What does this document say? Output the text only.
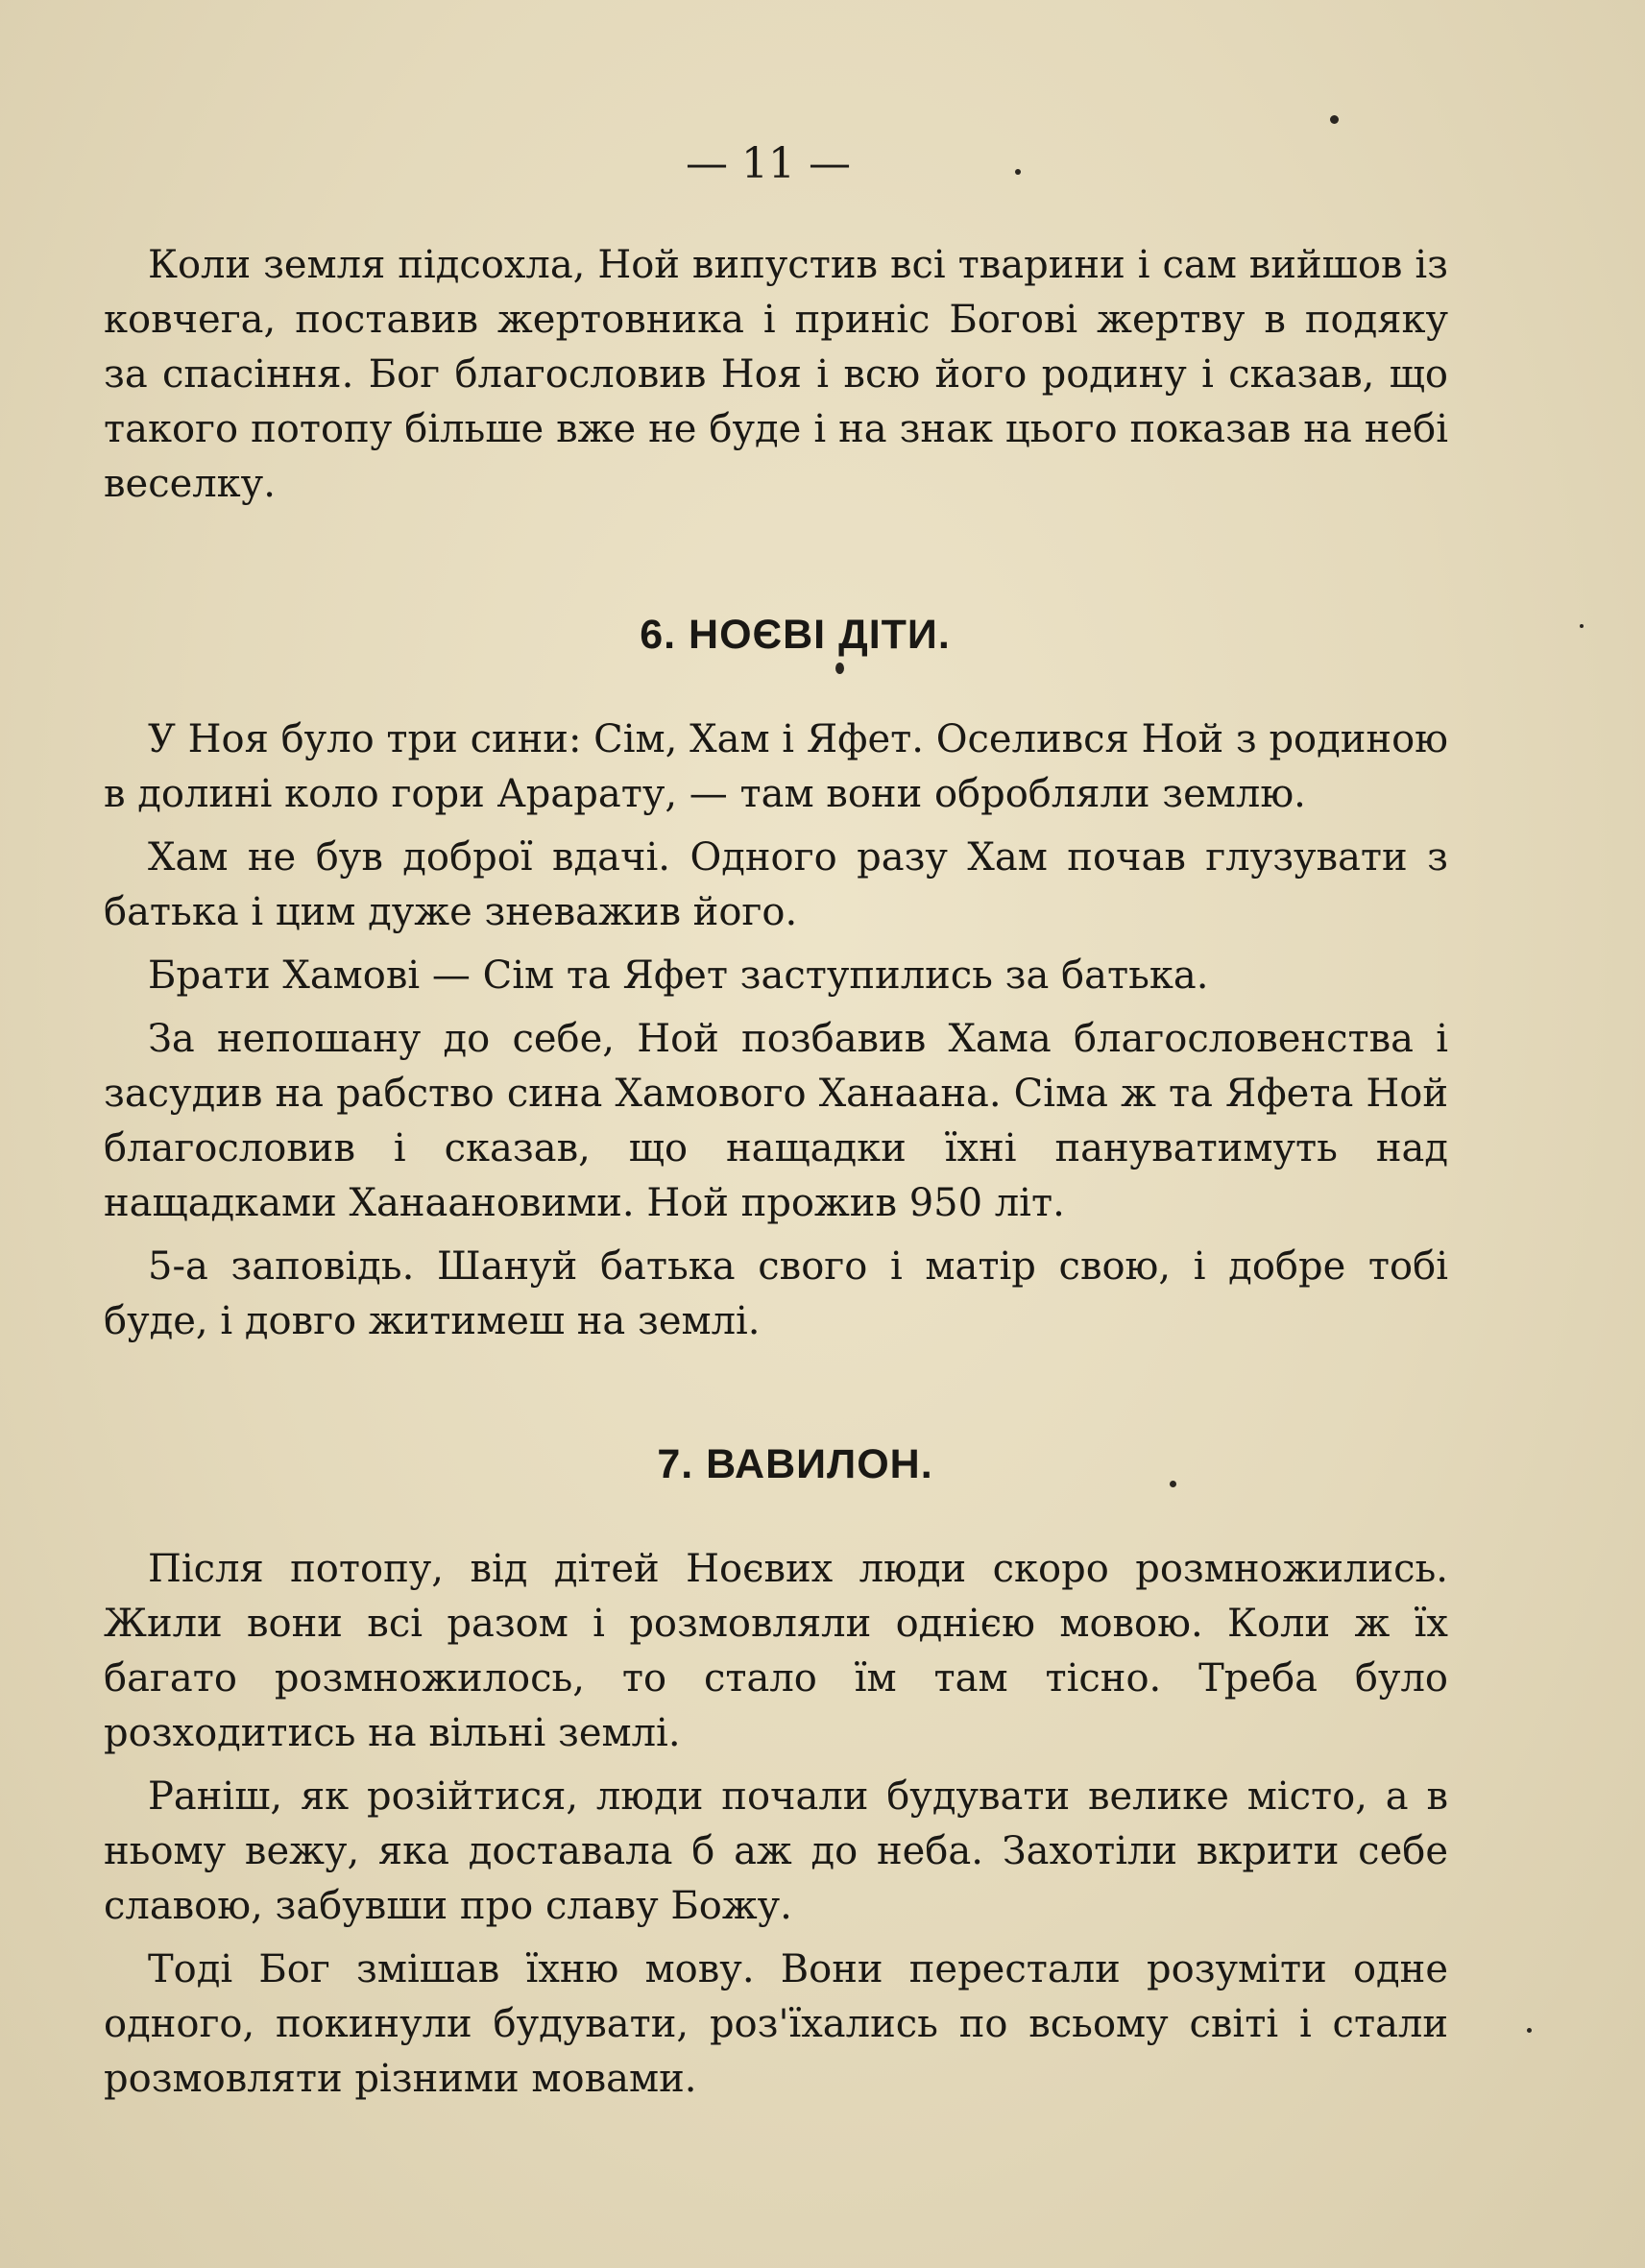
— 11 —

Коли земля підсохла, Ной випустив всі тварини і сам вийшов із ковчега, поставив жертовника і приніс Богові жертву в подяку за спасіння. Бог благословив Ноя і всю його родину і сказав, що такого потопу більше вже не буде і на знак цього показав на небі веселку.

6. НОЄВІ ДІТИ.

У Ноя було три сини: Сім, Хам і Яфет. Оселився Ной з родиною в долині коло гори Арарату, — там вони обробляли землю.

Хам не був доброї вдачі. Одного разу Хам почав глузувати з батька і цим дуже зневажив його.

Брати Хамові — Сім та Яфет заступились за батька.

За непошану до себе, Ной позбавив Хама благословенства і засудив на рабство сина Хамового Ханаана. Сіма ж та Яфета Ной благословив і сказав, що нащадки їхні пануватимуть над нащадками Ханаановими. Ной прожив 950 літ.

5-а заповідь. Шануй батька свого і матір свою, і добре тобі буде, і довго житимеш на землі.

7. ВАВИЛОН.

Після потопу, від дітей Ноєвих люди скоро розмножились. Жили вони всі разом і розмовляли однією мовою. Коли ж їх багато розмножилось, то стало їм там тісно. Треба було розходитись на вільні землі.

Раніш, як розійтися, люди почали будувати велике місто, а в ньому вежу, яка доставала б аж до неба. Захотіли вкрити себе славою, забувши про славу Божу.

Тоді Бог змішав їхню мову. Вони перестали розуміти одне одного, покинули будувати, роз'їхались по всьому світі і стали розмовляти різними мовами.
